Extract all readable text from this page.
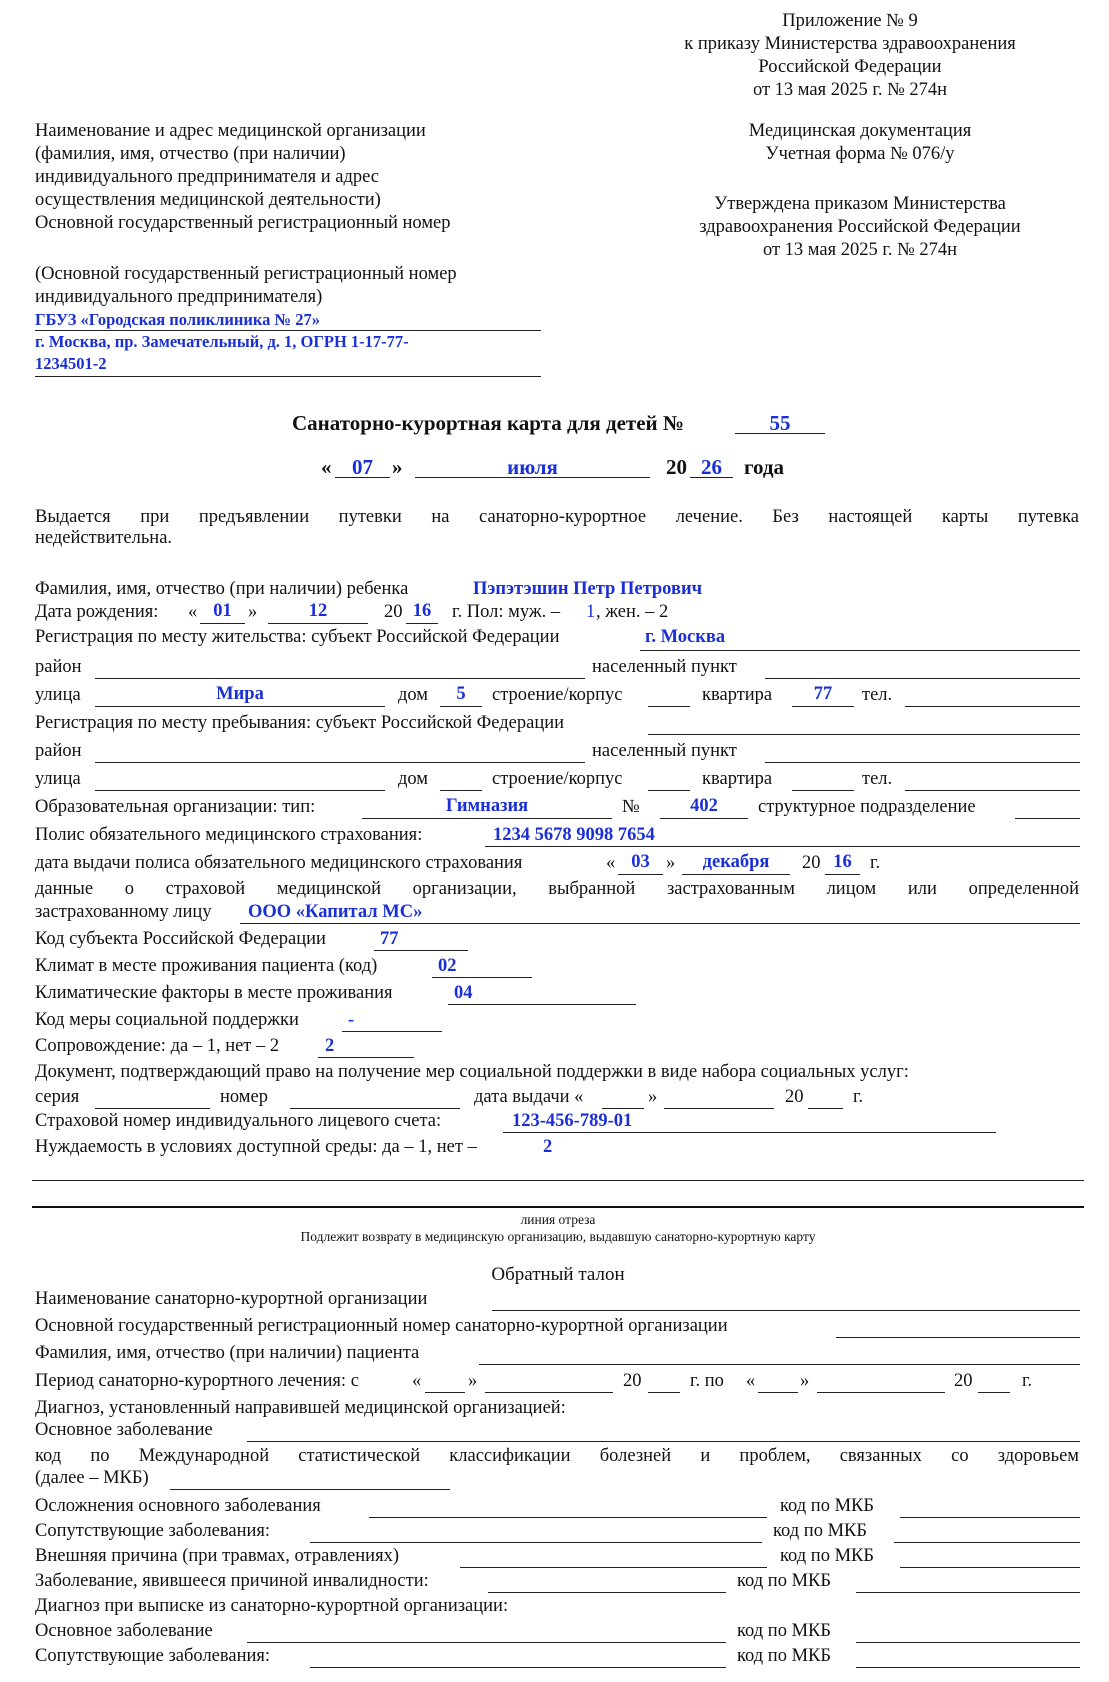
Приложение № 9
к приказу Министерства здравоохранения
Российской Федерации
от 13 мая 2025 г. № 274н
Наименование и адрес медицинской организации
(фамилия, имя, отчество (при наличии)
индивидуального предпринимателя и адрес
осуществления медицинской деятельности)
Основной государственный регистрационный номер
(Основной государственный регистрационный номер
индивидуального предпринимателя)
ГБУЗ «Городская поликлиника № 27»
г. Москва, пр. Замечательный, д. 1, ОГРН 1-17-77-
1234501-2
Медицинская документация
Учетная форма № 076/у
Утверждена приказом Министерства
здравоохранения Российской Федерации
от 13 мая 2025 г. № 274н
Санаторно-курортная карта для детей №	55
« 07 »	июля	20 26	года
Выдается при предъявлении путевки на санаторно-курортное лечение. Без настоящей карты путевка
недействительна.
Фамилия, имя, отчество (при наличии) ребенка	Пэпэтэшин Петр Петрович
Дата рождения: « 01 »	12	20 16	г. Пол: муж. – 1 , жен. – 2
Регистрация по месту жительства: субъект Российской Федерации	г. Москва
район	населенный пункт
улица	Мира	дом	5	строение/корпус	квартира	77	тел.
Регистрация по месту пребывания: субъект Российской Федерации
район	населенный пункт
улица	дом	строение/корпус	квартира	тел.
Образовательная организации: тип:	Гимназия	№	402	структурное подразделение
Полис обязательного медицинского страхования:	1234 5678 9098 7654
дата выдачи полиса обязательного медицинского страхования	« 03 »	декабря	20 16 г.
данные о страховой медицинской организации, выбранной застрахованным лицом или определенной
застрахованному лицу ООО «Капитал МС»
Код субъекта Российской Федерации	77
Климат в месте проживания пациента (код)	02
Климатические факторы в месте проживания	04
Код меры социальной поддержки	-
Сопровождение: да – 1, нет – 2 2
Документ, подтверждающий право на получение мер социальной поддержки в виде набора социальных услуг:
серия	номер	дата выдачи «	»	20	г.
Страховой номер индивидуального лицевого счета:	123-456-789-01
Нуждаемость в условиях доступной среды: да – 1, нет –	2
линия отреза
Подлежит возврату в медицинскую организацию, выдавшую санаторно-курортную карту
Обратный талон
Наименование санаторно-курортной организации
Основной государственный регистрационный номер санаторно-курортной организации
Фамилия, имя, отчество (при наличии) пациента
Период санаторно-курортного лечения: с	«	»	20	г. по « »	20	г.
Диагноз, установленный направившей медицинской организацией:
Основное заболевание
код по Международной статистической классификации болезней и проблем, связанных со здоровьем
(далее – МКБ)
Осложнения основного заболевания	код по МКБ
Сопутствующие заболевания:	код по МКБ
Внешняя причина (при травмах, отравлениях)	код по МКБ
Заболевание, явившееся причиной инвалидности:	код по МКБ
Диагноз при выписке из санаторно-курортной организации:
Основное заболевание	код по МКБ
Сопутствующие заболевания:	код по МКБ
